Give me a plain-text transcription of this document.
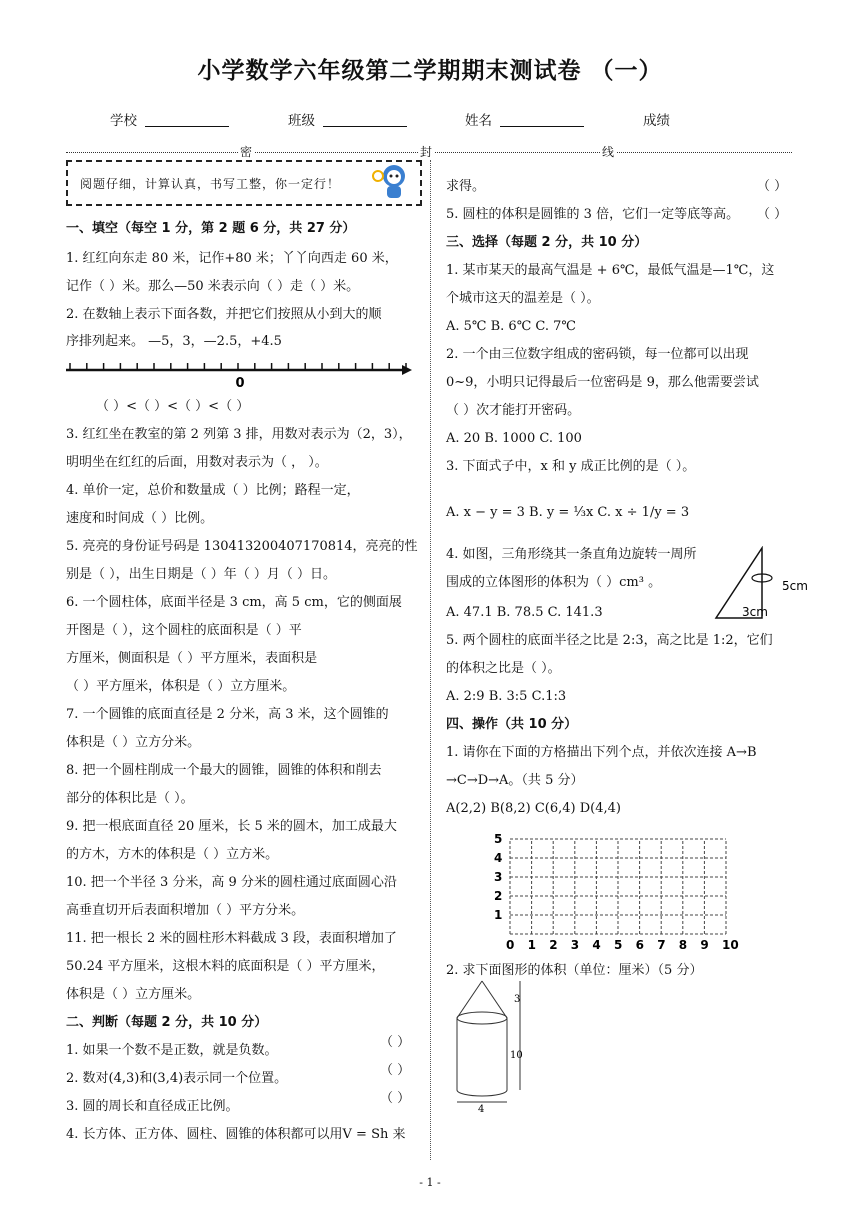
小学数学六年级第二学期期末测试卷 （一）
学校	班级	姓名	成绩
密	封	线
阅题仔细，计算认真，书写工整，你一定行！
一、填空（每空 1 分，第 2 题 6 分，共 27 分）
1. 红红向东走 80 米，记作+80 米；丫丫向西走 60 米，
记作（ ）米。那么—50 米表示向（ ）走（ ）米。
2. 在数轴上表示下面各数，并把它们按照从小到大的顺
序排列起来。 —5，3，—2.5，+4.5
3. 红红坐在教室的第 2 列第 3 排，用数对表示为（2，3），
明明坐在红红的后面，用数对表示为（ ， ）。
4. 单价一定，总价和数量成（ ）比例；路程一定，
速度和时间成（ ）比例。
5. 亮亮的身份证号码是 130413200407170814，亮亮的性
别是（ ），出生日期是（ ）年（ ）月（ ）日。
6. 一个圆柱体，底面半径是 3 cm，高 5 cm，它的侧面展
开图是（ ），这个圆柱的底面积是（ ）平
方厘米，侧面积是（ ）平方厘米，表面积是
（ ）平方厘米，体积是（ ）立方厘米。
7. 一个圆锥的底面直径是 2 分米，高 3 米，这个圆锥的
体积是（ ）立方分米。
8. 把一个圆柱削成一个最大的圆锥，圆锥的体积和削去
部分的体积比是（ ）。
9. 把一根底面直径 20 厘米，长 5 米的圆木，加工成最大
的方木，方木的体积是（ ）立方米。
10. 把一个半径 3 分米，高 9 分米的圆柱通过底面圆心沿
高垂直切开后表面积增加（ ）平方分米。
11. 把一根长 2 米的圆柱形木料截成 3 段，表面积增加了
50.24 平方厘米，这根木料的底面积是（ ）平方厘米，
体积是（ ）立方厘米。
二、判断（每题 2 分，共 10 分）
1. 如果一个数不是正数，就是负数。
2. 数对(4,3)和(3,4)表示同一个位置。
3. 圆的周长和直径成正比例。
4. 长方体、正方体、圆柱、圆锥的体积都可以用V = Sh 来
0
（ ）<（ ）<（ ）<（ ）
求得。
5. 圆柱的体积是圆锥的 3 倍，它们一定等底等高。
三、选择（每题 2 分，共 10 分）
1. 某市某天的最高气温是 + 6℃，最低气温是—1℃，这
个城市这天的温差是（ ）。
A. 5℃ B. 6℃ C. 7℃
2. 一个由三位数字组成的密码锁，每一位都可以出现
0~9，小明只记得最后一位密码是 9，那么他需要尝试
（ ）次才能打开密码。
A. 20 B. 1000 C. 100
3. 下面式子中，x 和 y 成正比例的是（ ）。
A. x − y = 3 B. y = ⅓x C. x ÷ 1/y = 3
4. 如图，三角形绕其一条直角边旋转一周所
围成的立体图形的体积为（ ）cm³ 。
A. 47.1 B. 78.5 C. 141.3
5. 两个圆柱的底面半径之比是 2:3，高之比是 1:2，它们
的体积之比是（ ）。
A. 2:9 B. 3:5 C.1:3
四、操作（共 10 分）
1. 请你在下面的方格描出下列个点，并依次连接 A→B
→C→D→A。（共 5 分）
A(2,2) B(8,2) C(6,4) D(4,4)
2. 求下面图形的体积（单位：厘米）（5 分）
（ ）
（ ）
（ ）
（ ）
（ ）
5cm
3cm
0 1 2 3 4 5 6 7 8 9 10
1
2
3
4
5
3
10
4
- 1 -
